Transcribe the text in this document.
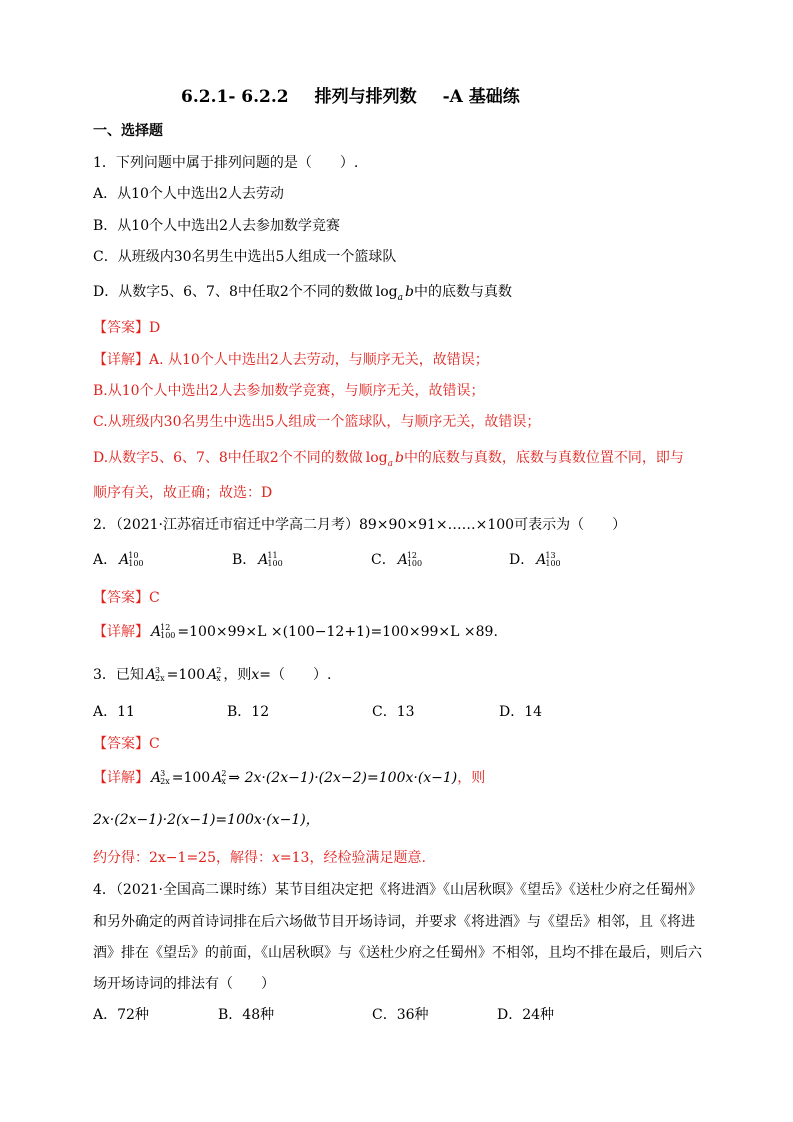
6.2.1- 6.2.2 排列与排列数 -A 基础练
一、选择题
1．下列问题中属于排列问题的是（　　）.
A．从10个人中选出2人去劳动
B．从10个人中选出2人去参加数学竞赛
C．从班级内30名男生中选出5人组成一个篮球队
D．从数字5、6、7、8中任取2个不同的数做 $\log_a b$中的底数与真数
【答案】D
【详解】A. 从10个人中选出2人去劳动，与顺序无关，故错误；
B.从10个人中选出2人去参加数学竞赛，与顺序无关，故错误；
C.从班级内30名男生中选出5人组成一个篮球队，与顺序无关，故错误；
D.从数字5、6、7、8中任取2个不同的数做 $\log_a b$中的底数与真数，底数与真数位置不同，即与
顺序有关，故正确；故选：D
2．（2021·江苏宿迁市宿迁中学高二月考）89×90×91×……×100可表示为（　　）
A． A 10
100	B． A 11
100	C． A 12
100	D． A 13
100
【答案】C
【详解】 A 12
100 =100×99×L ×(100−12+1)=100×99×L ×89.
3．已知 A 3
2x =100 A 2
x ，则x=（　　）.
A．11	B．12	C．13	D．14
【答案】C
【详解】 A 3
2x =100 A 2
x ⇒ 2x·(2x−1)·(2x−2)=100x·(x−1)，则
2x·(2x−1)·2(x−1)=100x·(x−1)，
约分得：2x−1=25，解得：x=13，经检验满足题意.
4．（2021·全国高二课时练）某节目组决定把《将进酒》《山居秋暝》《望岳》《送杜少府之任蜀州》
和另外确定的两首诗词排在后六场做节目开场诗词，并要求《将进酒》与《望岳》相邻，且《将进
酒》排在《望岳》的前面，《山居秋暝》与《送杜少府之任蜀州》不相邻，且均不排在最后，则后六
场开场诗词的排法有（　　）
A．72种	B．48种	C．36种	D．24种
